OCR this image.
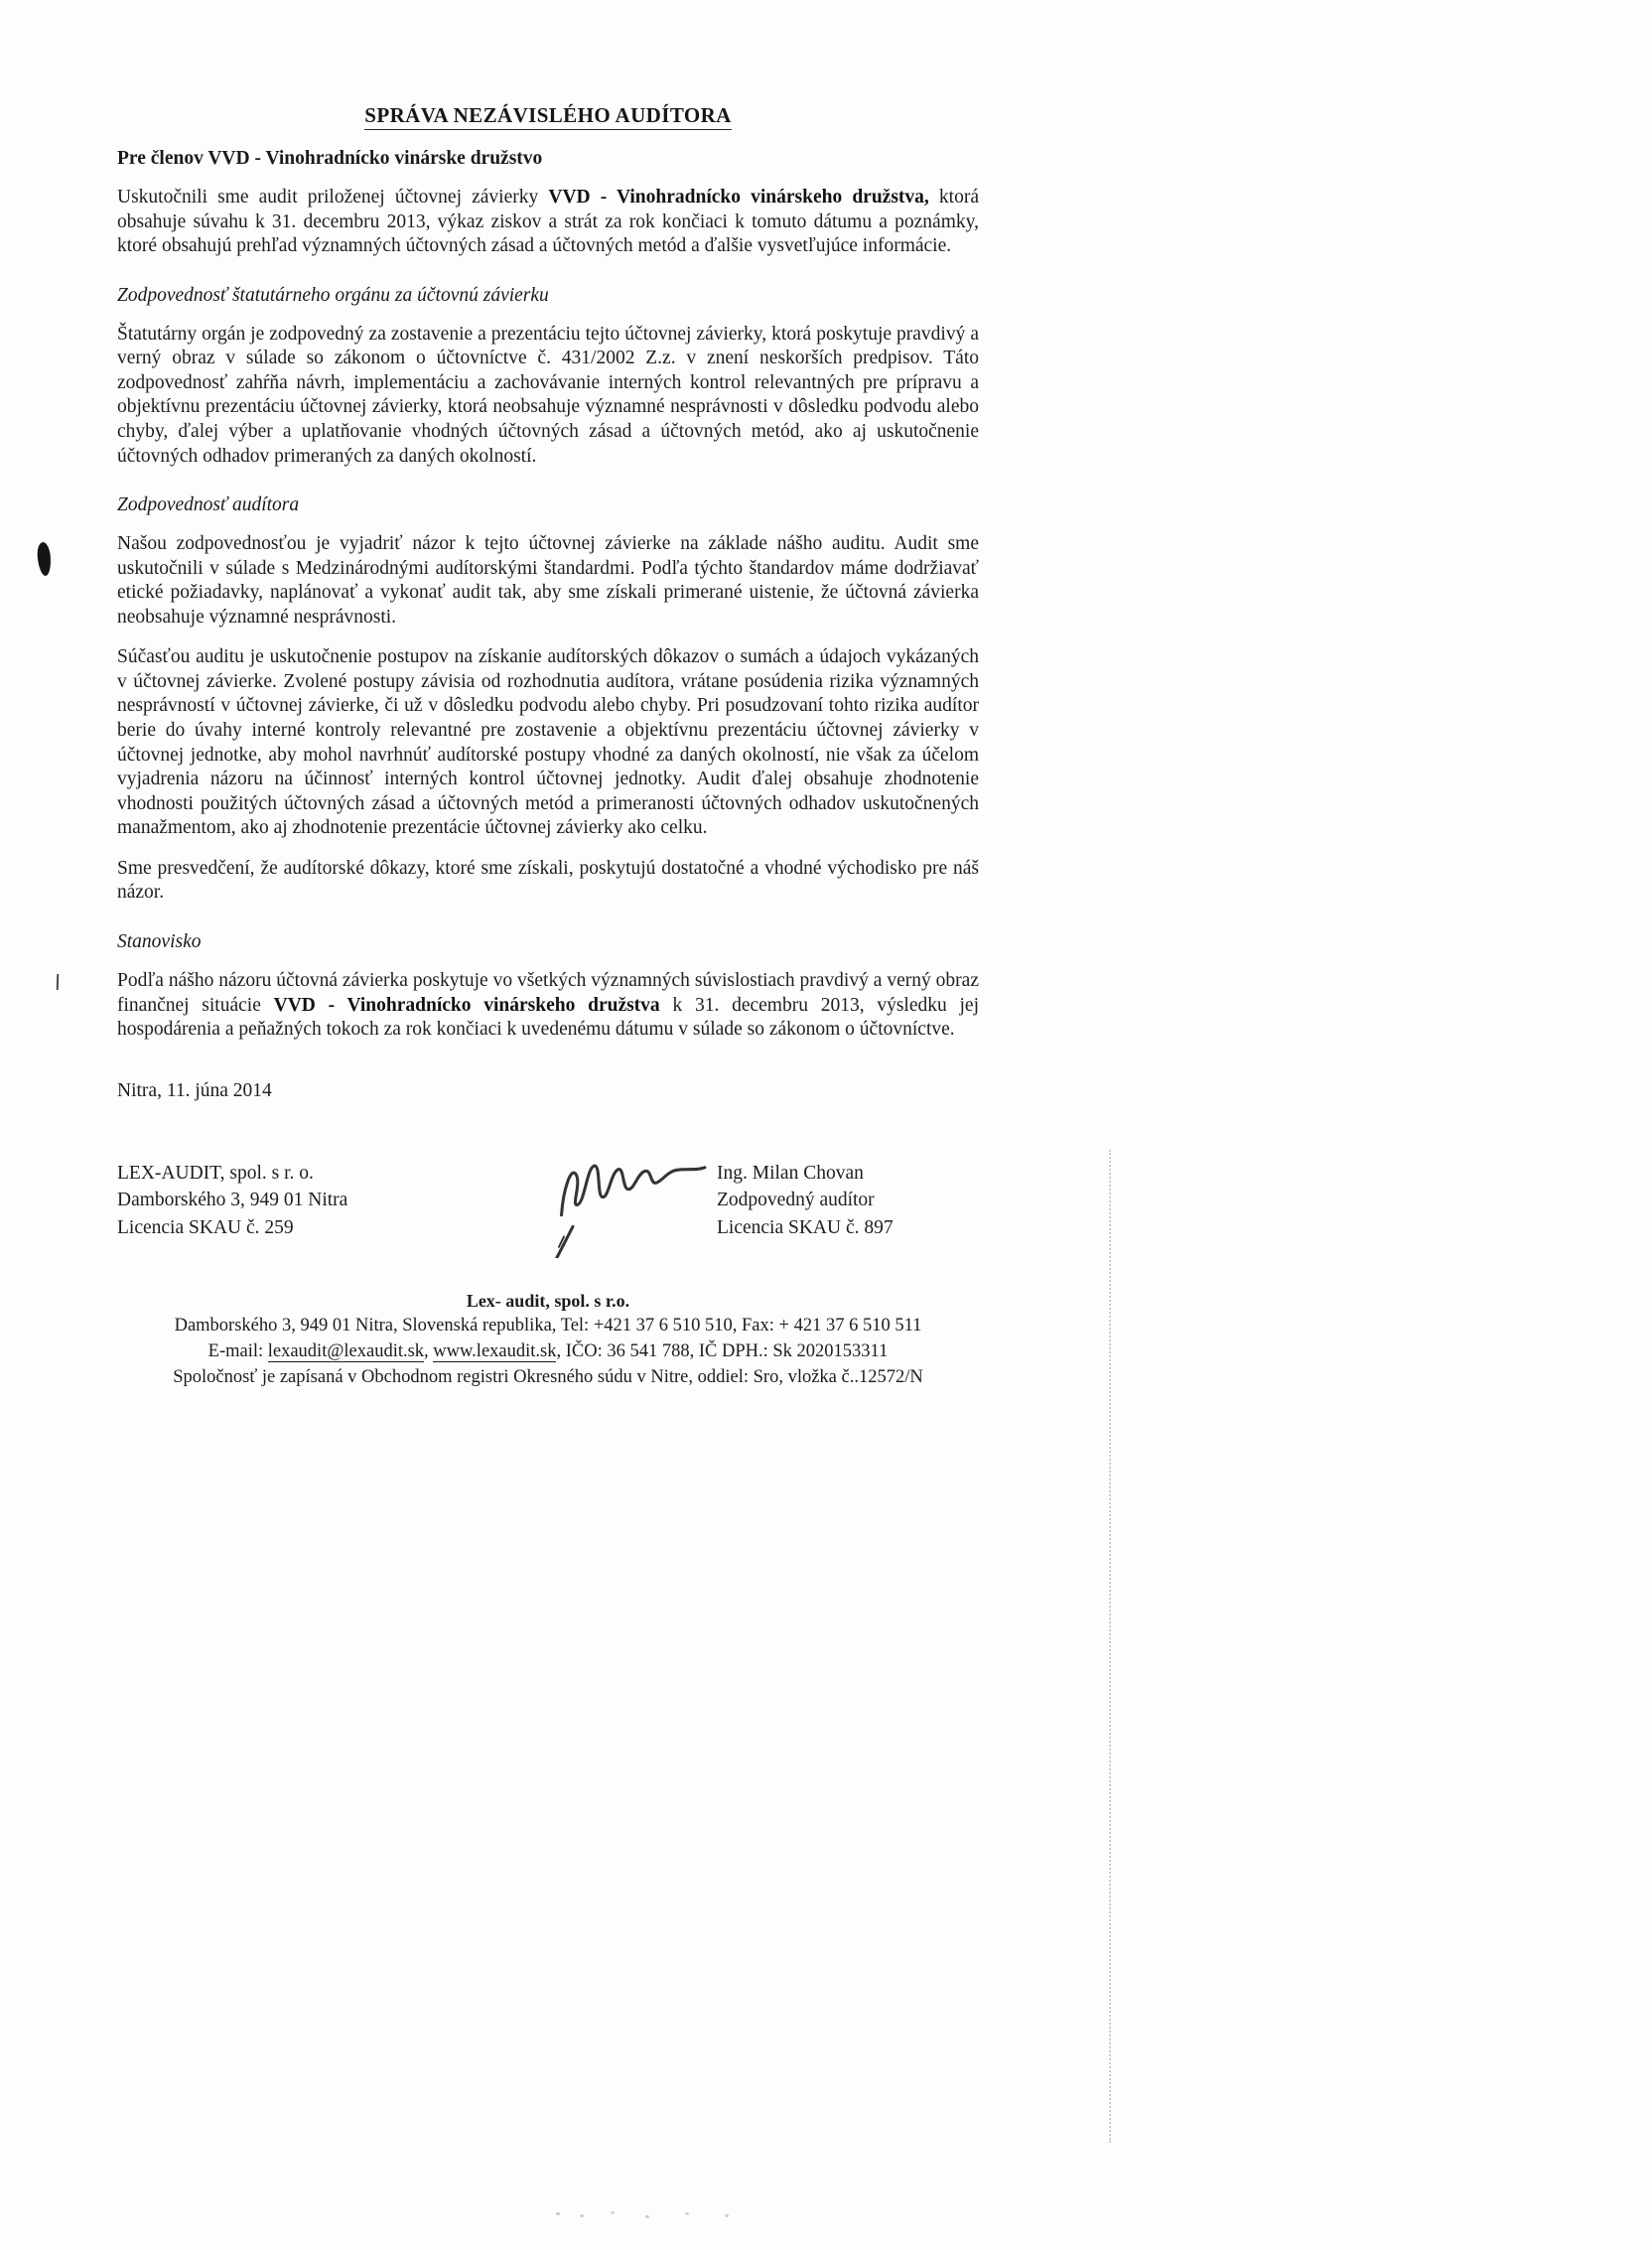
SPRÁVA NEZÁVISLÉHO AUDÍTORA
Pre členov VVD - Vinohradnícko vinárske družstvo

Uskutočnili sme audit priloženej účtovnej závierky VVD - Vinohradnícko vinárskeho družstva, ktorá obsahuje súvahu k 31. decembru 2013, výkaz ziskov a strát za rok končiaci k tomuto dátumu a poznámky, ktoré obsahujú prehľad významných účtovných zásad a účtovných metód a ďalšie vysvetľujúce informácie.

Zodpovednosť štatutárneho orgánu za účtovnú závierku

Štatutárny orgán je zodpovedný za zostavenie a prezentáciu tejto účtovnej závierky, ktorá poskytuje pravdivý a verný obraz v súlade so zákonom o účtovníctve č. 431/2002 Z.z. v znení neskorších predpisov. Táto zodpovednosť zahŕňa návrh, implementáciu a zachovávanie interných kontrol relevantných pre prípravu a objektívnu prezentáciu účtovnej závierky, ktorá neobsahuje významné nesprávnosti v dôsledku podvodu alebo chyby, ďalej výber a uplatňovanie vhodných účtovných zásad a účtovných metód, ako aj uskutočnenie účtovných odhadov primeraných za daných okolností.

Zodpovednosť audítora

Našou zodpovednosťou je vyjadriť názor k tejto účtovnej závierke na základe nášho auditu. Audit sme uskutočnili v súlade s Medzinárodnými audítorskými štandardmi. Podľa týchto štandardov máme dodržiavať etické požiadavky, naplánovať a vykonať audit tak, aby sme získali primerané uistenie, že účtovná závierka neobsahuje významné nesprávnosti.

Súčasťou auditu je uskutočnenie postupov na získanie audítorských dôkazov o sumách a údajoch vykázaných v účtovnej závierke. Zvolené postupy závisia od rozhodnutia audítora, vrátane posúdenia rizika významných nesprávností v účtovnej závierke, či už v dôsledku podvodu alebo chyby. Pri posudzovaní tohto rizika audítor berie do úvahy interné kontroly relevantné pre zostavenie a objektívnu prezentáciu účtovnej závierky v účtovnej jednotke, aby mohol navrhnúť audítorské postupy vhodné za daných okolností, nie však za účelom vyjadrenia názoru na účinnosť interných kontrol účtovnej jednotky. Audit ďalej obsahuje zhodnotenie vhodnosti použitých účtovných zásad a účtovných metód a primeranosti účtovných odhadov uskutočnených manažmentom, ako aj zhodnotenie prezentácie účtovnej závierky ako celku.

Sme presvedčení, že audítorské dôkazy, ktoré sme získali, poskytujú dostatočné a vhodné východisko pre náš názor.

Stanovisko

Podľa nášho názoru účtovná závierka poskytuje vo všetkých významných súvislostiach pravdivý a verný obraz finančnej situácie VVD - Vinohradnícko vinárskeho družstva k 31. decembru 2013, výsledku jej hospodárenia a peňažných tokoch za rok končiaci k uvedenému dátumu v súlade so zákonom o účtovníctve.

Nitra, 11. júna 2014
LEX-AUDIT, spol. s r. o.
Damborského 3, 949 01 Nitra
Licencia SKAU č. 259
Ing. Milan Chovan
Zodpovedný audítor
Licencia SKAU č. 897
Lex- audit, spol. s r.o.
Damborského 3, 949 01 Nitra, Slovenská republika, Tel: +421 37 6 510 510, Fax: + 421 37 6 510 511
E-mail: lexaudit@lexaudit.sk, www.lexaudit.sk, IČO: 36 541 788, IČ DPH.: Sk 2020153311
Spoločnosť je zapísaná v Obchodnom registri Okresného súdu v Nitre, oddiel: Sro, vložka č..12572/N
